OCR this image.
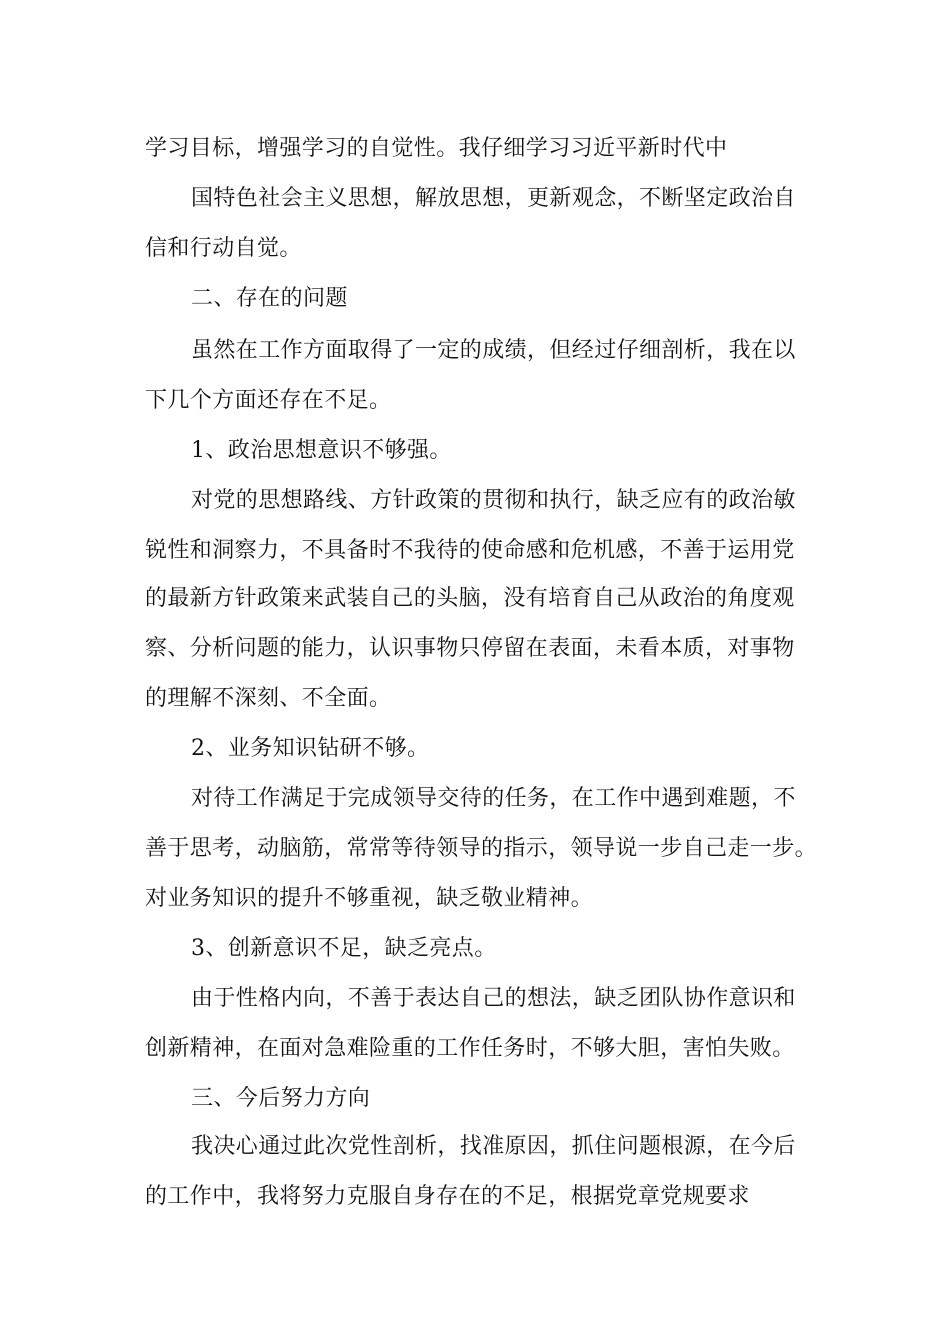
学习目标，增强学习的自觉性。我仔细学习习近平新时代中
国特色社会主义思想，解放思想，更新观念，不断坚定政治自
信和行动自觉。
二、存在的问题
虽然在工作方面取得了一定的成绩，但经过仔细剖析，我在以
下几个方面还存在不足。
1、政治思想意识不够强。
对党的思想路线、方针政策的贯彻和执行，缺乏应有的政治敏
锐性和洞察力，不具备时不我待的使命感和危机感，不善于运用党
的最新方针政策来武装自己的头脑，没有培育自己从政治的角度观
察、分析问题的能力，认识事物只停留在表面，未看本质，对事物
的理解不深刻、不全面。
2、业务知识钻研不够。
对待工作满足于完成领导交待的任务，在工作中遇到难题，不
善于思考，动脑筋，常常等待领导的指示，领导说一步自己走一步。
对业务知识的提升不够重视，缺乏敬业精神。
3、创新意识不足，缺乏亮点。
由于性格内向，不善于表达自己的想法，缺乏团队协作意识和
创新精神，在面对急难险重的工作任务时，不够大胆，害怕失败。
三、今后努力方向
我决心通过此次党性剖析，找准原因，抓住问题根源，在今后
的工作中，我将努力克服自身存在的不足，根据党章党规要求
